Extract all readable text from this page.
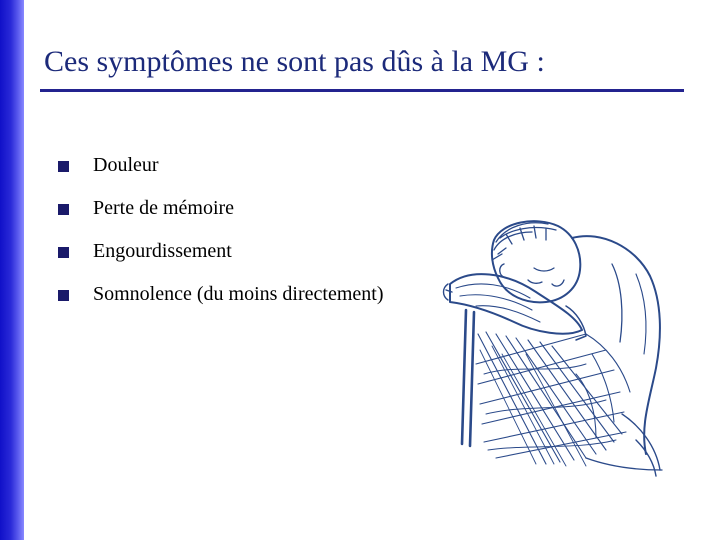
Ces symptômes ne sont pas dûs à la MG :
Douleur
Perte de mémoire
Engourdissement
Somnolence (du moins directement)
